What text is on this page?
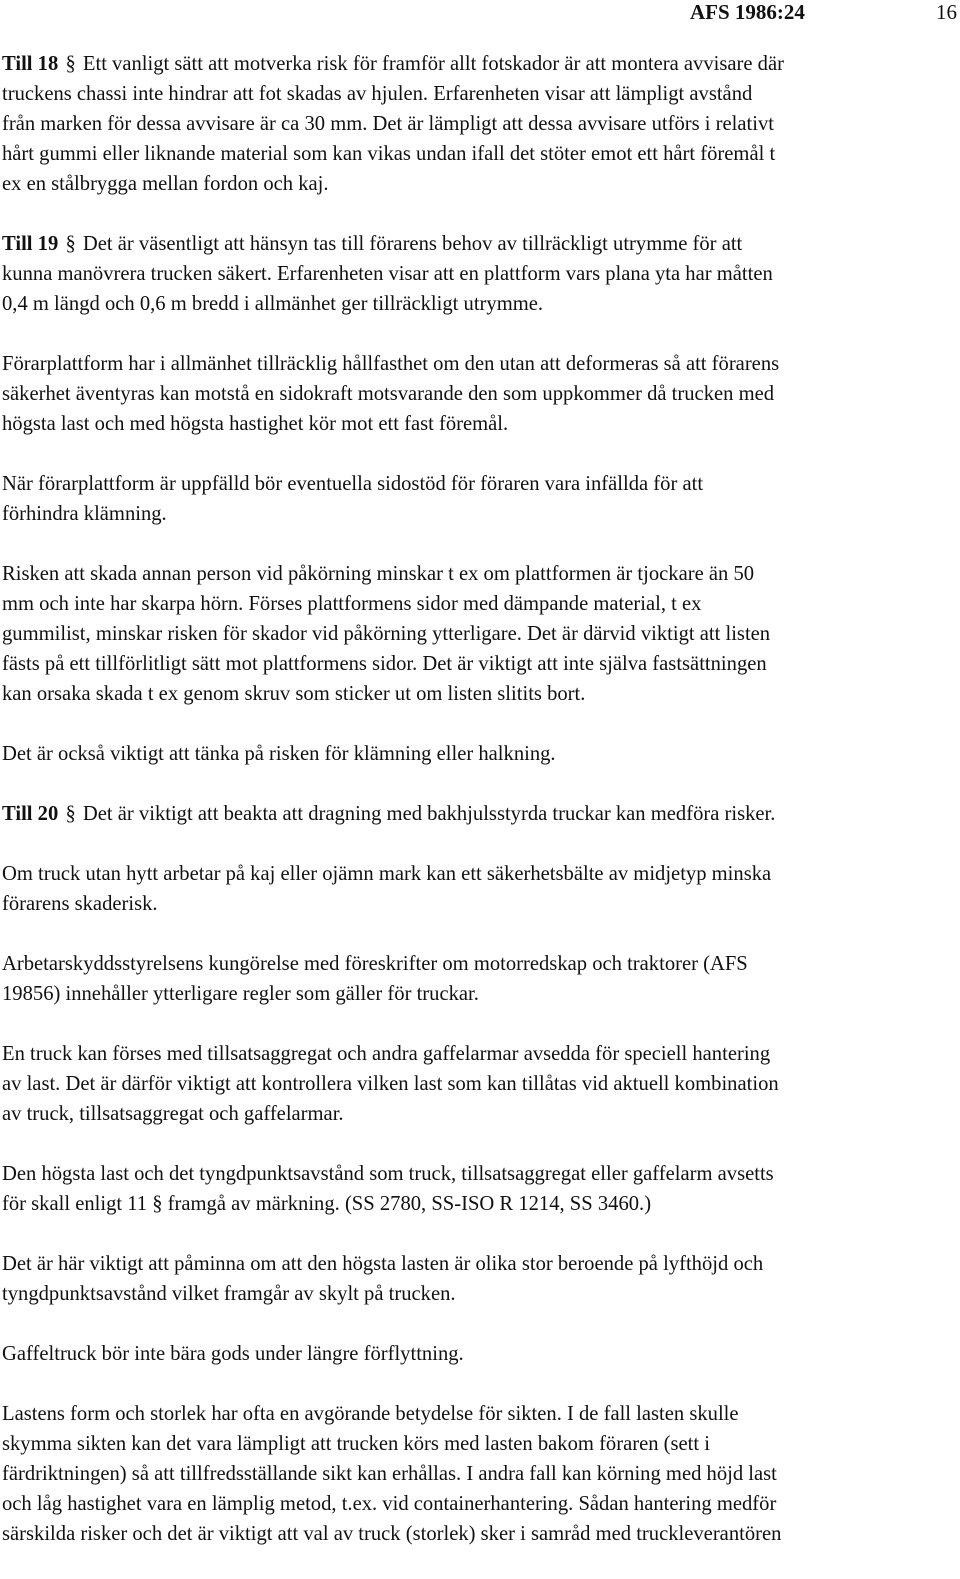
AFS 1986:24	16

Till 18 § Ett vanligt sätt att motverka risk för framför allt fotskador är att montera avvisare där
truckens chassi inte hindrar att fot skadas av hjulen. Erfarenheten visar att lämpligt avstånd
från marken för dessa avvisare är ca 30 mm. Det är lämpligt att dessa avvisare utförs i relativt
hårt gummi eller liknande material som kan vikas undan ifall det stöter emot ett hårt föremål t
ex en stålbrygga mellan fordon och kaj.

Till 19 § Det är väsentligt att hänsyn tas till förarens behov av tillräckligt utrymme för att
kunna manövrera trucken säkert. Erfarenheten visar att en plattform vars plana yta har måtten
0,4 m längd och 0,6 m bredd i allmänhet ger tillräckligt utrymme.

Förarplattform har i allmänhet tillräcklig hållfasthet om den utan att deformeras så att förarens
säkerhet äventyras kan motstå en sidokraft motsvarande den som uppkommer då trucken med
högsta last och med högsta hastighet kör mot ett fast föremål.

När förarplattform är uppfälld bör eventuella sidostöd för föraren vara infällda för att
förhindra klämning.

Risken att skada annan person vid påkörning minskar t ex om plattformen är tjockare än 50
mm och inte har skarpa hörn. Förses plattformens sidor med dämpande material, t ex
gummilist, minskar risken för skador vid påkörning ytterligare. Det är därvid viktigt att listen
fästs på ett tillförlitligt sätt mot plattformens sidor. Det är viktigt att inte själva fastsättningen
kan orsaka skada t ex genom skruv som sticker ut om listen slitits bort.

Det är också viktigt att tänka på risken för klämning eller halkning.

Till 20 § Det är viktigt att beakta att dragning med bakhjulsstyrda truckar kan medföra risker.

Om truck utan hytt arbetar på kaj eller ojämn mark kan ett säkerhetsbälte av midjetyp minska
förarens skaderisk.

Arbetarskyddsstyrelsens kungörelse med föreskrifter om motorredskap och traktorer (AFS
19856) innehåller ytterligare regler som gäller för truckar.

En truck kan förses med tillsatsaggregat och andra gaffelarmar avsedda för speciell hantering
av last. Det är därför viktigt att kontrollera vilken last som kan tillåtas vid aktuell kombination
av truck, tillsatsaggregat och gaffelarmar.

Den högsta last och det tyngdpunktsavstånd som truck, tillsatsaggregat eller gaffelarm avsetts
för skall enligt 11 § framgå av märkning. (SS 2780, SS-ISO R 1214, SS 3460.)

Det är här viktigt att påminna om att den högsta lasten är olika stor beroende på lyfthöjd och
tyngdpunktsavstånd vilket framgår av skylt på trucken.

Gaffeltruck bör inte bära gods under längre förflyttning.

Lastens form och storlek har ofta en avgörande betydelse för sikten. I de fall lasten skulle
skymma sikten kan det vara lämpligt att trucken körs med lasten bakom föraren (sett i
färdriktningen) så att tillfredsställande sikt kan erhållas. I andra fall kan körning med höjd last
och låg hastighet vara en lämplig metod, t.ex. vid containerhantering. Sådan hantering medför
särskilda risker och det är viktigt att val av truck (storlek) sker i samråd med truckleverantören
